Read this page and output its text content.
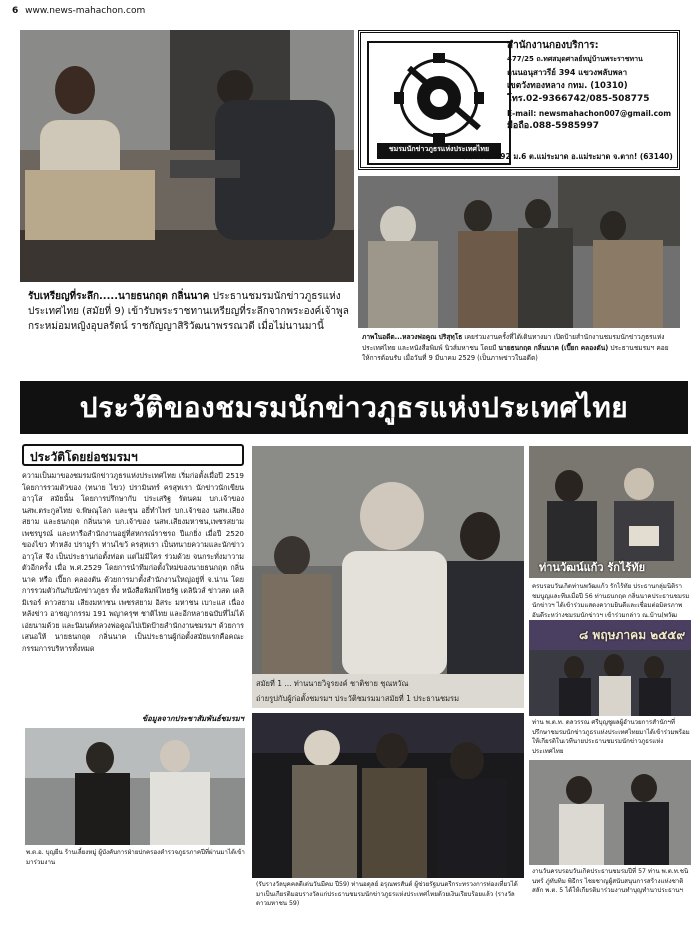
6 www.news-mahachon.com
ชมรมนักข่าวภูธรแห่งประเทศไทย
สำนักงานกองบริการ:
477/25 ถ.ทศสมุดศาลย์หมู่บ้านพระราชทาน
ถนนอนุสาวรีย์ 394 แขวงพลับพลา
เขตวังทองหลาง กทม. (10310)
โทร.02-9366742/085-508775
E-mail: newsmahachon007@gmail.com
มือถือ.088-5985997
สำนักงาน 292 ม.6 ต.แม่ระมาด อ.แม่ระมาด จ.ตาก! (63140)
รับเหรียญที่ระลึก.....นายธนกฤต กลิ่นนาค ประธานชมรมนักข่าวภูธรแห่งประเทศไทย (สมัยที่ 9) เข้ารับพระราชทานเหรียญที่ระลึกจากพระองค์เจ้าพูลกระหม่อมหญิงอุบลรัตน์ ราชกัญญาสิริวัฒนาพรรณวดี เมื่อไม่นานมานี้
ภาพในอดีต...หลวงพ่อคูณ ปริสุทฺโธ เคยร่วมงานครั้งที่ได้เดินทางมา เปิดป้ายสำนักงานชมรมนักข่าวภูธรแห่งประเทศไทย และหนังสือพิมพ์ นิวส์มหาชน โดยมี นายธนกฤต กลิ่นนาค (เปี๊ยก คลองตัน) ประธานชมรมฯ คอยให้การต้อนรับ เมื่อวันที่ 9 มีนาคม 2529 (เป็นภาพข่าวในอดีต)
ประวัติของชมรมนักข่าวภูธรแห่งประเทศไทย
ประวัติโดยย่อชมรมฯ
ความเป็นมาของชมรมนักข่าวภูธรแห่งประเทศไทย เริ่มก่อตั้งเมื่อปี 2519 โดยการรวมตัวของ (ทนาย ไขว) ปรามินทร์ ครสุทเรา นักข่าวนักเขียนอาวุโส สมัยนั้น โดยการปรึกษากับ ประเสริฐ รัตนคม บก.เจ้าของ นสพ.ตระกูลไทย จ.พิษณุโลก และชุน อยี่ทำไพร่ บก.เจ้าของ นสพ.เสียงสยาม และธนกฤต กลิ่นนาค บก.เจ้าของ นสพ.เสียงมหาชน,เพชรสยาม เพชรบูรณ์ และหารือสำนักงานอยู่ที่สหกรณ์ราชรถ ปีแกยิ่ง เมื่อปี 2520 ของไขว ทำหลัง ปรามูรำ ท่านไขว้ ครสุทเรา เป็นทนายความและนักข่าวอาวุโส จึง เป็นประธานก่อตั้งท่อต แต่ไม่มีใคร ร่วมด้วย จนกระทั่งมาวามตัวอีกครั้ง เมื่อ พ.ศ.2529 โดยการนำทีมก่อตั้งใหม่ของนายธนกฤต กลิ่นนาค หรือ เปี๊ยก คลองตัน ด้วยการมาตั้งสำนักงานใหญ่อยู่ที่ จ.น่าน โดยการรวมตัวกันกับนักข่าวภูธร ทั้ง หนังสือพิมพ์ไทยรัฐ เดลินิวส์ ข่าวสด เดลิมิเรอร์ ดาวสยาม เสียงมหาชน เพชรสยาม อิสระ มหาชน เบาะแส เนื่องหลังข่าว อาชญากรรม 191 พญาครุฑ ชาติไทย และอีกหลายฉบับที่ไม่ได้เอ่ยนามด้วย และนิมนต์หลวงพ่อคูณไปเปิดป้ายสำนักงานชมรมฯ ด้วยการเสนอให้ นายธนกฤต กลิ่นนาค เป็นประธานผู้ก่อตั้งสมัยแรกคือคณะกรรมการบริหารทั้งหมด
ข้อมูลจากประชาสัมพันธ์ชมรมฯ
พ.ต.อ. บุญยืน ร้านเลี้ยงหมู่ ผู้บังคับการฝ่ายปกครองตำรวจภูธรภาคปีที่ผ่านมาได้เข้ามาร่วมงาน
สมัยที่ 1 ... ท่านนายวิจูรยงค์ ชาติชาย ชุณหวัณ
ถ่ายรูปกับผู้ก่อตั้งชมรมฯ ประวัติชมรมมาสมัยที่ 1 ประธานชมรม
ท่านวัฒน์แก้ว รักไร้ทัย
ครบรอบวันเกิดท่านพวัฒแก้ว รักไร้ทัย ประธานกลุ่มนิติราชมนูญและทีมเมื่อปี 56 ท่านธนกฤต กลิ่นนาคประธานชมรมนักข่าวฯ ได้เข้าร่วมแสดงความยินดีและเชื่อมต่อมิตรภาพอันดีระหว่างชมรมนักข่าวฯ เข้าร่วมกล่าว ณ.บ้าน(พวัฒ
๘ พฤษภาคม ๒๕๕๙
ท่าน พ.ต.ท. ดลวรรณ ศรีบุญชูผลผู้อำนวยการสำนักฯที่ปรึกษาชมรมนักข่าวภูธรแห่งประเทศไทยมาได้เข้าร่วมพร้อมให้เกียรติในเวทีนายประธานชมรมนักข่าวภูธรแห่งประเทศไทย
(รับรางวัลบุคคลดีเด่นวันมีคม ปี59) ท่านอดุลย์ อรุณพรสันต์ ผู้ช่วยรัฐมนตรีกระทรวงการท่องเที่ยวได้มาเป็นเกียรติมอบรางวัลแก่ประธานชมรมนักข่าวภูธรแห่งประเทศไทยด้วยเงินเรียบร้อยแล้ว (รางวัลดาวมหาชน 59)
งานวันครบรอบวันเกิดประธานชมรมปีที่ 57 ท่าน พ.ต.ท.ชนินทร์ ภู่ทับทิม พิธีกร ไชยชาญผู้สนับสนุนการสร้างแห่งชาติสลัก พ.ต. 5 ได้ให้เกียรติมาร่วมงานทำบุญทำนาประธานฯ
